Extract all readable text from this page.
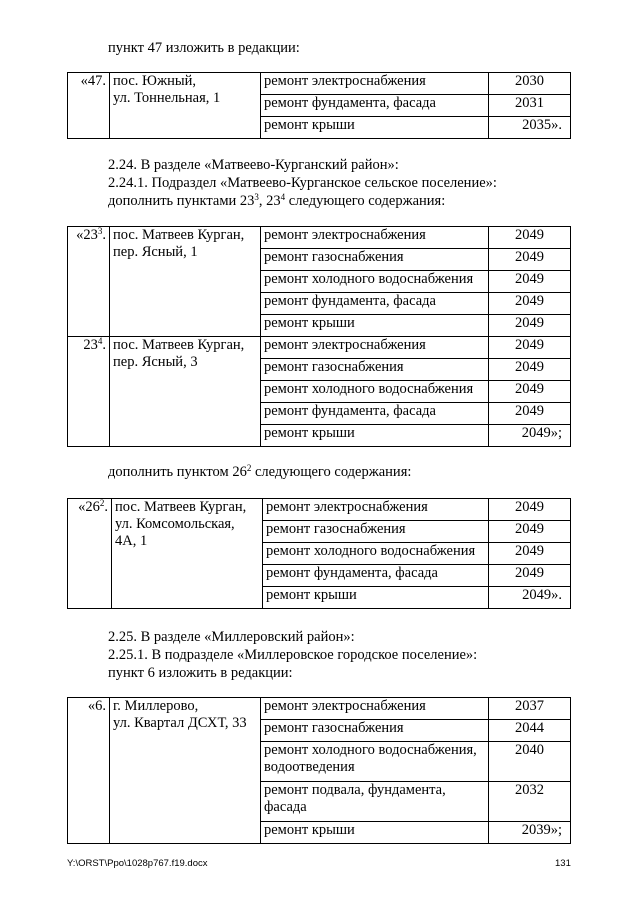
пункт 47 изложить в редакции:
«47.	пос. Южный,
ул. Тоннельная, 1	ремонт электроснабжения	2030
		ремонт фундамента, фасада	2031
		ремонт крыши	2035».
2.24. В разделе «Матвеево-Курганский район»:
2.24.1. Подраздел «Матвеево-Курганское сельское поселение»:
дополнить пунктами $23^3$, $23^4$ следующего содержания:
«$23^3$.	пос. Матвеев Курган,
пер. Ясный, 1	ремонт электроснабжения	2049
		ремонт газоснабжения	2049
		ремонт холодного водоснабжения	2049
		ремонт фундамента, фасада	2049
		ремонт крыши	2049
$23^4$.	пос. Матвеев Курган,
пер. Ясный, 3	ремонт электроснабжения	2049
		ремонт газоснабжения	2049
		ремонт холодного водоснабжения	2049
		ремонт фундамента, фасада	2049
		ремонт крыши	2049»;
дополнить пунктом $26^2$ следующего содержания:
«$26^2$.	пос. Матвеев Курган,
ул. Комсомольская,
4А, 1	ремонт электроснабжения	2049
		ремонт газоснабжения	2049
		ремонт холодного водоснабжения	2049
		ремонт фундамента, фасада	2049
		ремонт крыши	2049».
2.25. В разделе «Миллеровский район»:
2.25.1. В подразделе «Миллеровское городское поселение»:
пункт 6 изложить в редакции:
«6.	г. Миллерово,
ул. Квартал ДСХТ, 33	ремонт электроснабжения	2037
		ремонт газоснабжения	2044
		ремонт холодного водоснабжения,
водоотведения	2040
		ремонт подвала, фундамента,
фасада	2032
		ремонт крыши	2039»;
Y:\ORST\Ppo\1028p767.f19.docx	131
